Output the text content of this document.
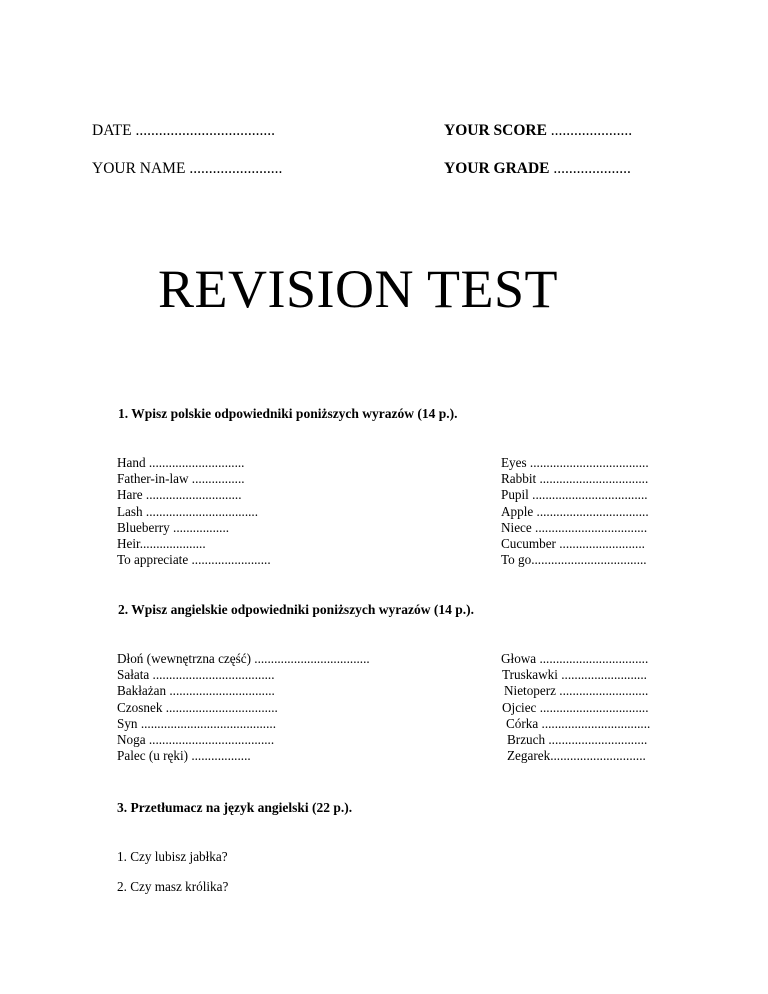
DATE ....................................	YOUR SCORE .....................
YOUR NAME ........................	YOUR GRADE ....................
REVISION TEST
1. Wpisz polskie odpowiedniki poniższych wyrazów (14 p.).
Hand .............................
Father-in-law ................
Hare .............................
Lash ..................................
Blueberry .................
Heir....................
To appreciate ........................
Eyes ....................................
Rabbit .................................
Pupil ...................................
Apple ..................................
Niece ..................................
Cucumber ..........................
To go...................................
2. Wpisz angielskie odpowiedniki poniższych wyrazów (14 p.).
Dłoń (wewnętrzna część) ...................................
Sałata .....................................
Bakłażan ................................
Czosnek ..................................
Syn .........................................
Noga ......................................
Palec (u ręki) ..................
Głowa .................................
Truskawki ..........................
Nietoperz ...........................
Ojciec .................................
Córka .................................
Brzuch ..............................
Zegarek.............................
3. Przetłumacz na język angielski (22 p.).
1. Czy lubisz jabłka?
2. Czy masz królika?
